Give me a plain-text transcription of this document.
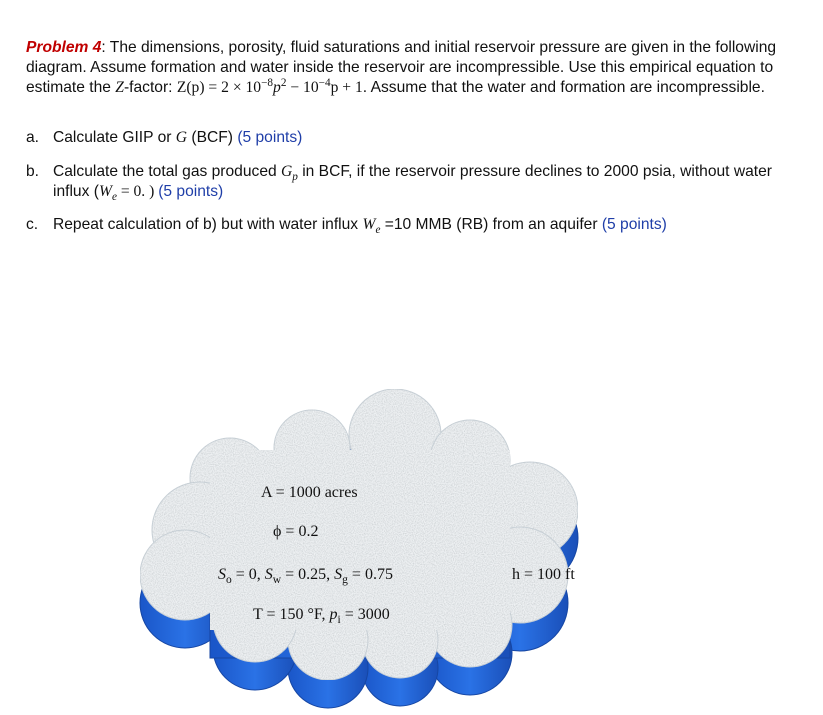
Problem 4: The dimensions, porosity, fluid saturations and initial reservoir pressure are given in the following diagram. Assume formation and water inside the reservoir are incompressible. Use this empirical equation to estimate the Z-factor: $Z(p) = 2 \times 10^{-8}p^2 - 10^{-4}p + 1$. Assume that the water and formation are incompressible.
a. Calculate GIIP or G (BCF) (5 points)
b. Calculate the total gas produced $G_p$ in BCF, if the reservoir pressure declines to 2000 psia, without water influx ($W_e = 0$. ) (5 points)
c. Repeat calculation of b) but with water influx $W_e =10$ MMB (RB) from an aquifer (5 points)
A = 1000 acres
ϕ = 0.2
$S_o = 0$, $S_w = 0.25$, $S_g = 0.75$
T = 150 °F, $p_i = 3000$
h = 100 ft
